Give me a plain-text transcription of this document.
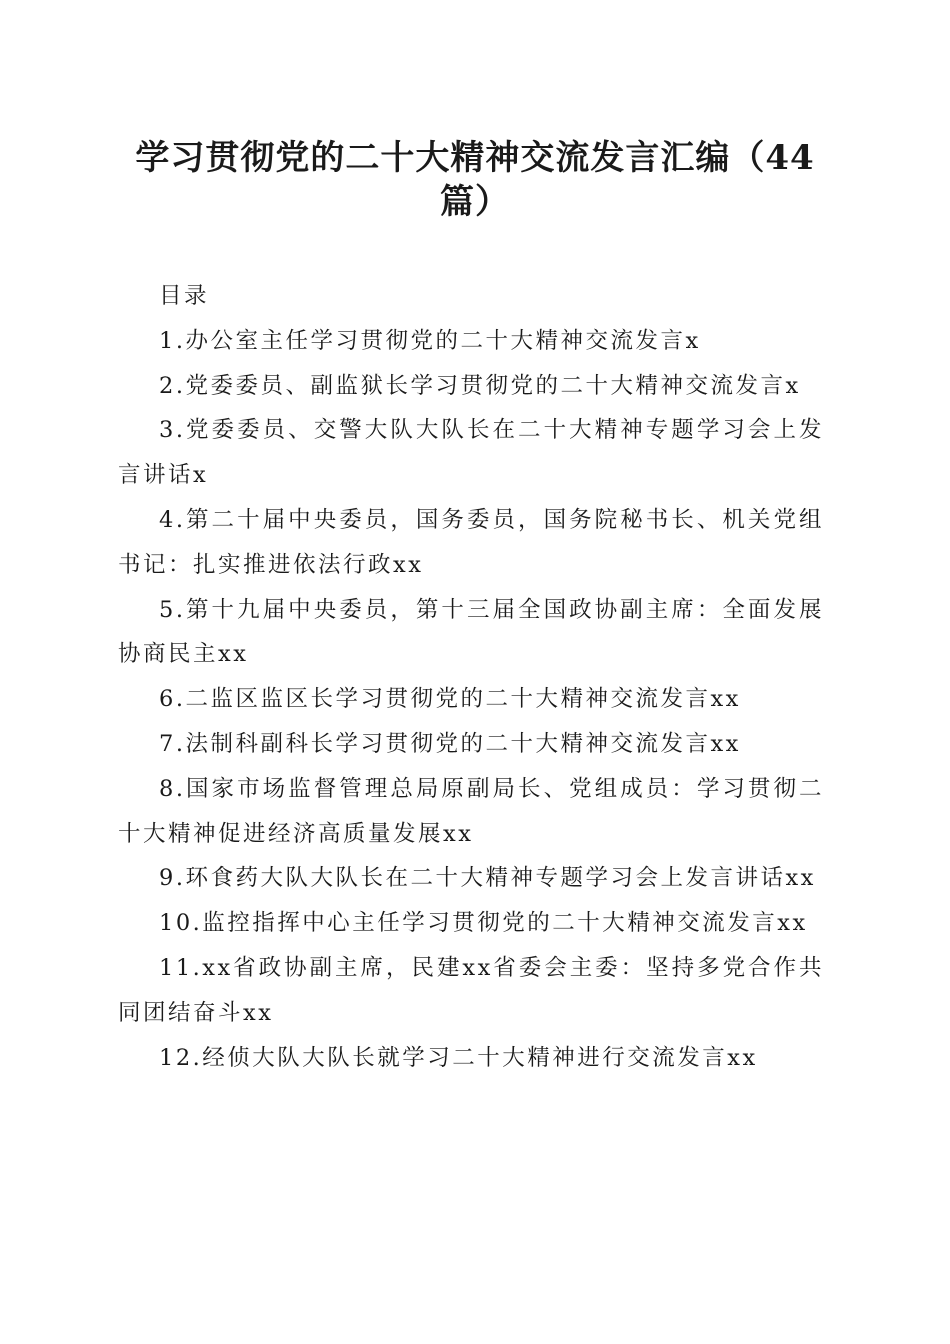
学习贯彻党的二十大精神交流发言汇编（44篇）

目录

1.办公室主任学习贯彻党的二十大精神交流发言x

2.党委委员、副监狱长学习贯彻党的二十大精神交流发言x

3.党委委员、交警大队大队长在二十大精神专题学习会上发言讲话x

4.第二十届中央委员，国务委员，国务院秘书长、机关党组书记：扎实推进依法行政xx

5.第十九届中央委员，第十三届全国政协副主席：全面发展协商民主xx

6.二监区监区长学习贯彻党的二十大精神交流发言xx

7.法制科副科长学习贯彻党的二十大精神交流发言xx

8.国家市场监督管理总局原副局长、党组成员：学习贯彻二十大精神促进经济高质量发展xx

9.环食药大队大队长在二十大精神专题学习会上发言讲话xx

10.监控指挥中心主任学习贯彻党的二十大精神交流发言xx

11.xx省政协副主席，民建xx省委会主委：坚持多党合作共同团结奋斗xx

12.经侦大队大队长就学习二十大精神进行交流发言xx
